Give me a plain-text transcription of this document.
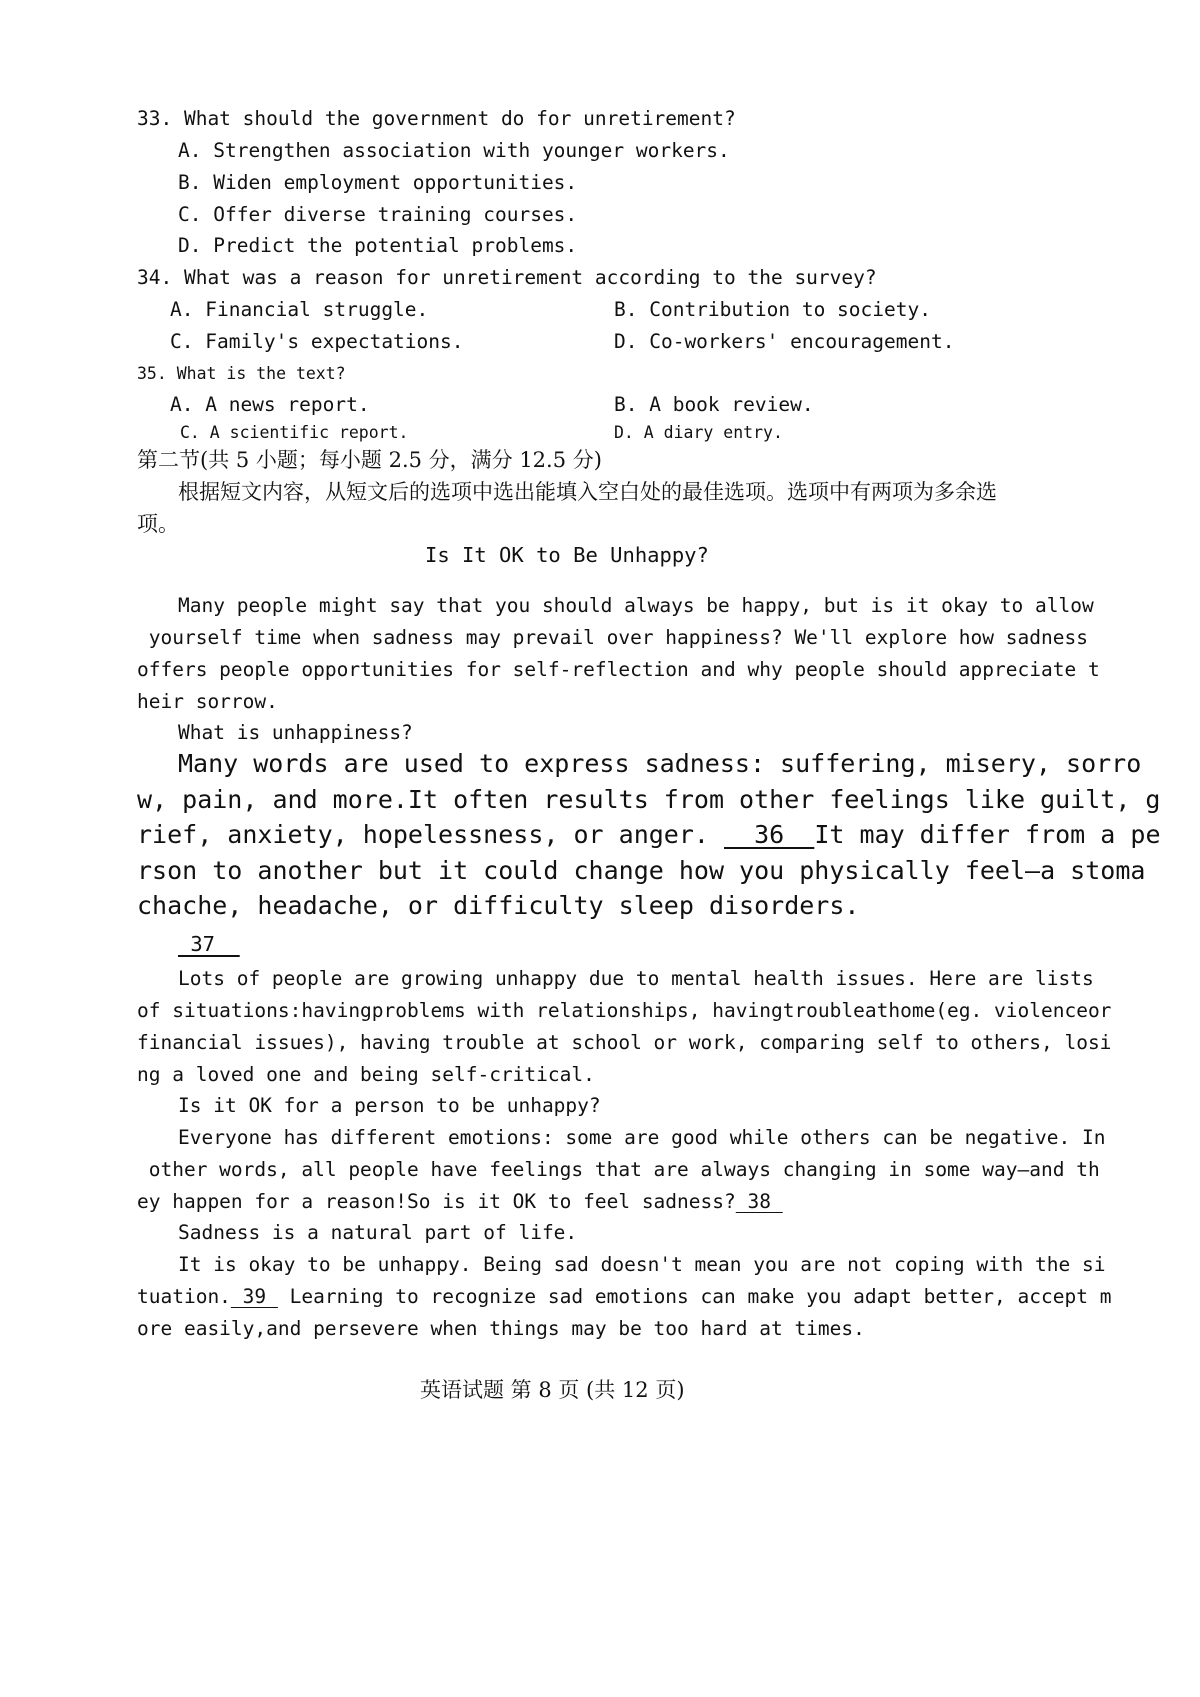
33. What should the government do for unretirement?
A. Strengthen association with younger workers.
B. Widen employment opportunities.
C. Offer diverse training courses.
D. Predict the potential problems.
34. What was a reason for unretirement according to the survey?
A. Financial struggle.	B. Contribution to society.
C. Family's expectations.	D. Co-workers' encouragement.
35. What is the text?
A. A news report.	B. A book review.
C. A scientific report.	D. A diary entry.
第二节(共 5 小题；每小题 2.5 分，满分 12.5 分)
根据短文内容，从短文后的选项中选出能填入空白处的最佳选项。选项中有两项为多余选
项。
Is It OK to Be Unhappy?
Many people might say that you should always be happy, but is it okay to allow
yourself time when sadness may prevail over happiness? We'll explore how sadness
offers people opportunities for self-reflection and why people should appreciate t
heir sorrow.
What is unhappiness?
Many words are used to express sadness: suffering, misery, sorro
w, pain, and more.It often results from other feelings like guilt, g
rief, anxiety, hopelessness, or anger.   36  It may differ from a pe
rson to another but it could change how you physically feel—a stoma
chache, headache, or difficulty sleep disorders.
37
Lots of people are growing unhappy due to mental health issues. Here are lists
of situations:havingproblems with relationships, havingtroubleathome(eg. violenceor
financial issues), having trouble at school or work, comparing self to others, losi
ng a loved one and being self-critical.
Is it OK for a person to be unhappy?
Everyone has different emotions: some are good while others can be negative. In
other words, all people have feelings that are always changing in some way—and th
ey happen for a reason!So is it OK to feel sadness? 38
Sadness is a natural part of life.
It is okay to be unhappy. Being sad doesn't mean you are not coping with the si
tuation. 39  Learning to recognize sad emotions can make you adapt better, accept m
ore easily,and persevere when things may be too hard at times.
英语试题 第 8 页 (共 12 页)
